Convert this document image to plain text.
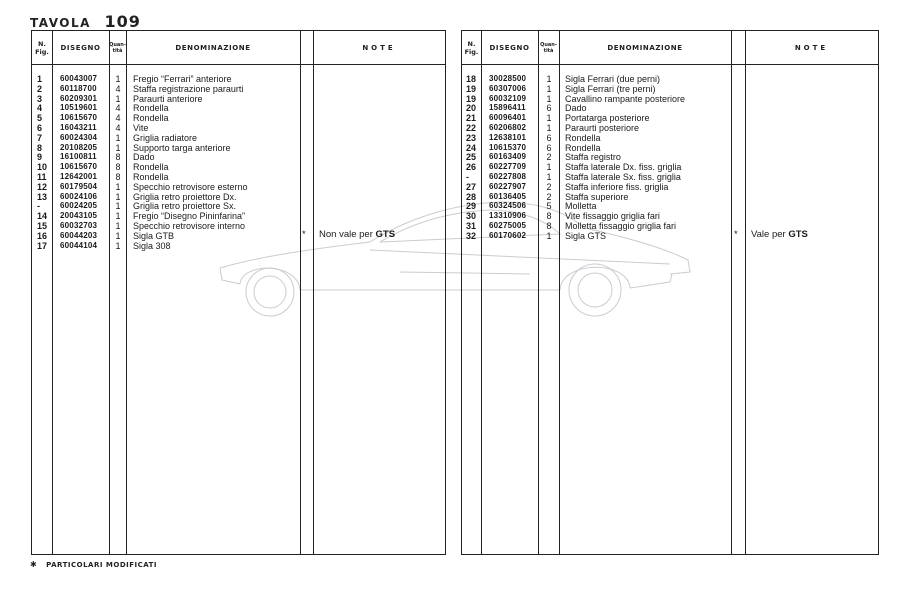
TAVOLA 109
N.
Fig.	DISEGNO	Quan-
tità	DENOMINAZIONE	NOTE
1 60043007 1 Fregio “Ferrari” anteriore
2 60118700 4 Staffa registrazione paraurti
3 60209301 1 Paraurti anteriore
4 10519601 4 Rondella
5 10615670 4 Rondella
6 16043211 4 Vite
7 60024304 1 Griglia radiatore
8 20108205 1 Supporto targa anteriore
9 16100811 8 Dado
10 10615670 8 Rondella
11 12642001 8 Rondella
12 60179504 1 Specchio retrovisore esterno
13 60024106 1 Griglia retro proiettore Dx.
-	60024205 1 Griglia retro proiettore Sx.
14 20043105 1 Fregio “Disegno Pininfarina”
15 60032703 1 Specchio retrovisore interno
16 60044203 1 Sigla GTB
17 60044104 1 Sigla 308
* Non vale per GTS
N.
Fig.	DISEGNO	Quan-
tità	DENOMINAZIONE	NOTE
18 30028500 1 Sigla Ferrari (due perni)
19 60307006 1 Sigla Ferrari (tre perni)
19 60032109 1 Cavallino rampante posteriore
20 15896411 6 Dado
21 60096401 1 Portatarga posteriore
22 60206802 1 Paraurti posteriore
23 12638101 6 Rondella
24 10615370 6 Rondella
25 60163409 2 Staffa registro
26 60227709 1 Staffa laterale Dx. fiss. griglia
-	60227808 1 Staffa laterale Sx. fiss. griglia
27 60227907 2 Staffa inferiore fiss. griglia
28 60136405 2 Staffa superiore
29 60324506 5 Molletta
30 13310906 8 Vite fissaggio griglia fari
31 60275005 8 Molletta fissaggio griglia fari
32 60170602 1 Sigla GTS	* Vale per GTS
✱ PARTICOLARI MODIFICATI
